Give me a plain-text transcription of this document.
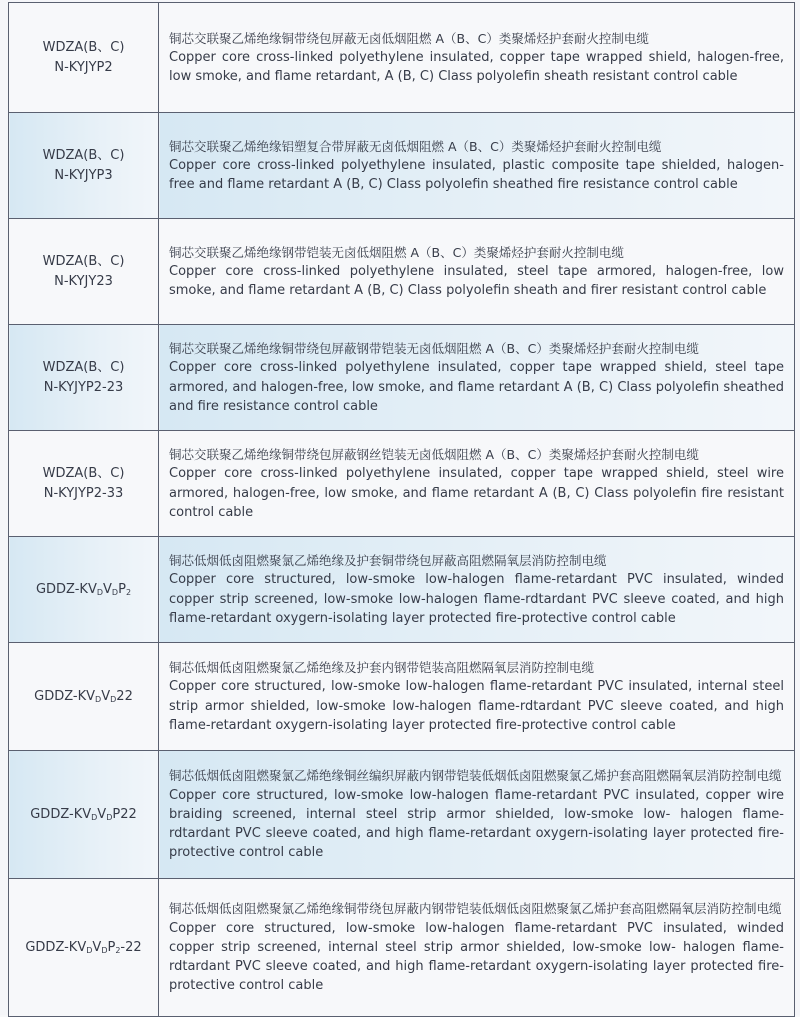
WDZA(B、C)
N-KYJYP2	铜芯交联聚乙烯绝缘铜带绕包屏蔽无卤低烟阻燃 A（B、C）类聚烯烃护套耐火控制电缆
Copper core cross-linked polyethylene insulated, copper tape wrapped shield, halogen-free, low smoke, and flame retardant, A (B, C) Class polyolefin sheath resistant control cable

WDZA(B、C)
N-KYJYP3	铜芯交联聚乙烯绝缘铝塑复合带屏蔽无卤低烟阻燃 A（B、C）类聚烯烃护套耐火控制电缆
Copper core cross-linked polyethylene insulated, plastic composite tape shielded, halogen-free and flame retardant A (B, C) Class polyolefin sheathed fire resistance control cable

WDZA(B、C)
N-KYJY23	铜芯交联聚乙烯绝缘钢带铠装无卤低烟阻燃 A（B、C）类聚烯烃护套耐火控制电缆
Copper core cross-linked polyethylene insulated, steel tape armored, halogen-free, low smoke, and flame retardant A (B, C) Class polyolefin sheath and firer resistant control cable

WDZA(B、C)
N-KYJYP2-23	铜芯交联聚乙烯绝缘铜带绕包屏蔽钢带铠装无卤低烟阻燃 A（B、C）类聚烯烃护套耐火控制电缆
Copper core cross-linked polyethylene insulated, copper tape wrapped shield, steel tape armored, and halogen-free, low smoke, and flame retardant A (B, C) Class polyolefin sheathed and fire resistance control cable

WDZA(B、C)
N-KYJYP2-33	铜芯交联聚乙烯绝缘铜带绕包屏蔽钢丝铠装无卤低烟阻燃 A（B、C）类聚烯烃护套耐火控制电缆
Copper core cross-linked polyethylene insulated, copper tape wrapped shield, steel wire armored, halogen-free, low smoke, and flame retardant A (B, C) Class polyolefin fire resistant control cable

GDDZ-$KV_DV_DP_2$	铜芯低烟低卤阻燃聚氯乙烯绝缘及护套铜带绕包屏蔽高阻燃隔氧层消防控制电缆
Copper core structured, low-smoke low-halogen flame-retardant PVC insulated, winded copper strip screened, low-smoke low-halogen flame-rdtardant PVC sleeve coated, and high flame-retardant oxygern-isolating layer protected fire-protective control cable

GDDZ-$KV_DV_D22$	铜芯低烟低卤阻燃聚氯乙烯绝缘及护套内钢带铠装高阻燃隔氧层消防控制电缆
Copper core structured, low-smoke low-halogen flame-retardant PVC insulated, internal steel strip armor shielded, low-smoke low-halogen flame-rdtardant PVC sleeve coated, and high flame-retardant oxygern-isolating layer protected fire-protective control cable

GDDZ-$KV_DV_DP22$	铜芯低烟低卤阻燃聚氯乙烯绝缘铜丝编织屏蔽内钢带铠装低烟低卤阻燃聚氯乙烯护套高阻燃隔氧层消防控制电缆
Copper core structured, low-smoke low-halogen flame-retardant PVC insulated, copper wire braiding screened, internal steel strip armor shielded, low-smoke low- halogen flame-rdtardant PVC sleeve coated, and high flame-retardant oxygern-isolating layer protected fire-protective control cable

GDDZ-$KV_DV_DP_2-22$	铜芯低烟低卤阻燃聚氯乙烯绝缘铜带绕包屏蔽内钢带铠装低烟低卤阻燃聚氯乙烯护套高阻燃隔氧层消防控制电缆
Copper core structured, low-smoke low-halogen flame-retardant PVC insulated, winded copper strip screened, internal steel strip armor shielded, low-smoke low- halogen flame-rdtardant PVC sleeve coated, and high flame-retardant oxygern-isolating layer protected fire-protective control cable
